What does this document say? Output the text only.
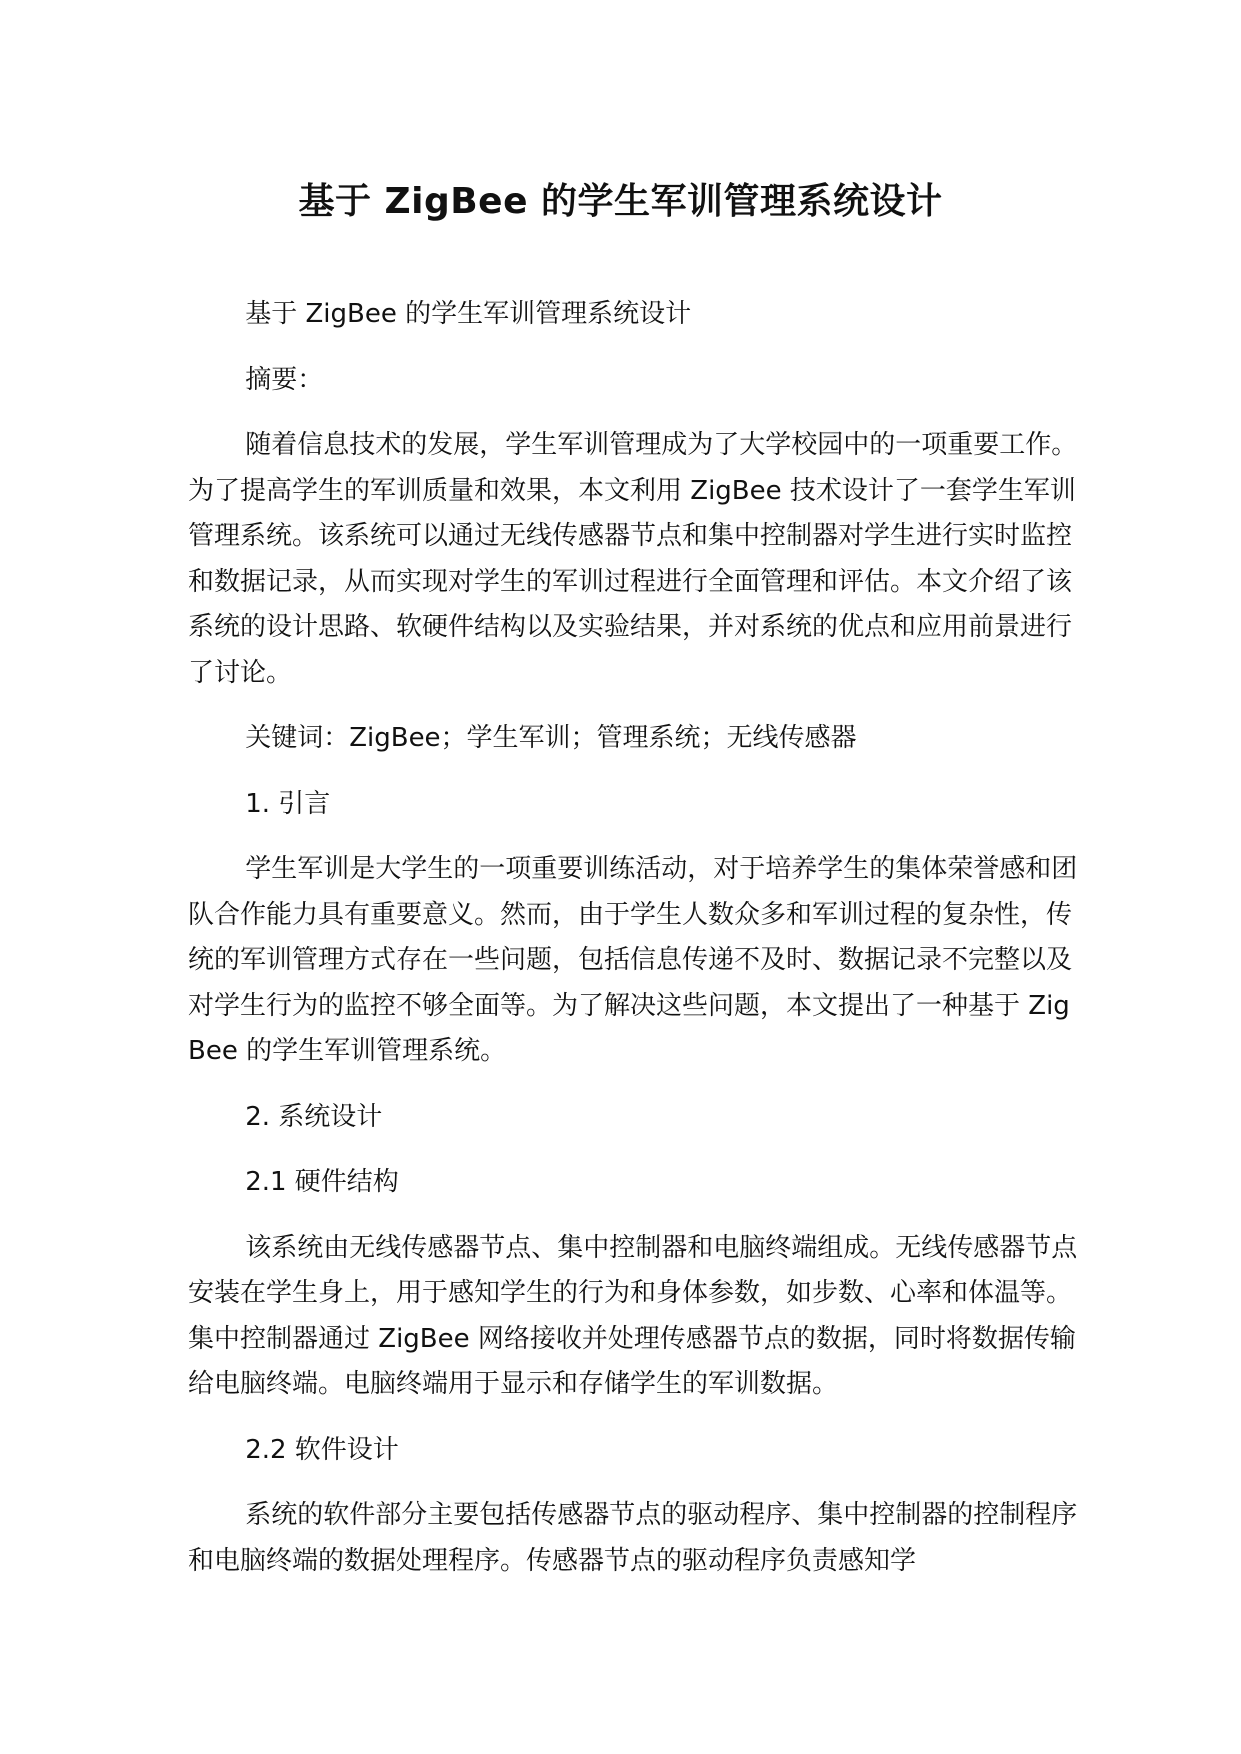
基于 ZigBee 的学生军训管理系统设计

基于 ZigBee 的学生军训管理系统设计

摘要：

随着信息技术的发展，学生军训管理成为了大学校园中的一项重要工作。为了提高学生的军训质量和效果，本文利用 ZigBee 技术设计了一套学生军训管理系统。该系统可以通过无线传感器节点和集中控制器对学生进行实时监控和数据记录，从而实现对学生的军训过程进行全面管理和评估。本文介绍了该系统的设计思路、软硬件结构以及实验结果，并对系统的优点和应用前景进行了讨论。

关键词：ZigBee；学生军训；管理系统；无线传感器

1. 引言

学生军训是大学生的一项重要训练活动，对于培养学生的集体荣誉感和团队合作能力具有重要意义。然而，由于学生人数众多和军训过程的复杂性，传统的军训管理方式存在一些问题，包括信息传递不及时、数据记录不完整以及对学生行为的监控不够全面等。为了解决这些问题，本文提出了一种基于 ZigBee 的学生军训管理系统。

2. 系统设计

2.1 硬件结构

该系统由无线传感器节点、集中控制器和电脑终端组成。无线传感器节点安装在学生身上，用于感知学生的行为和身体参数，如步数、心率和体温等。集中控制器通过 ZigBee 网络接收并处理传感器节点的数据，同时将数据传输给电脑终端。电脑终端用于显示和存储学生的军训数据。

2.2 软件设计

系统的软件部分主要包括传感器节点的驱动程序、集中控制器的控制程序和电脑终端的数据处理程序。传感器节点的驱动程序负责感知学
